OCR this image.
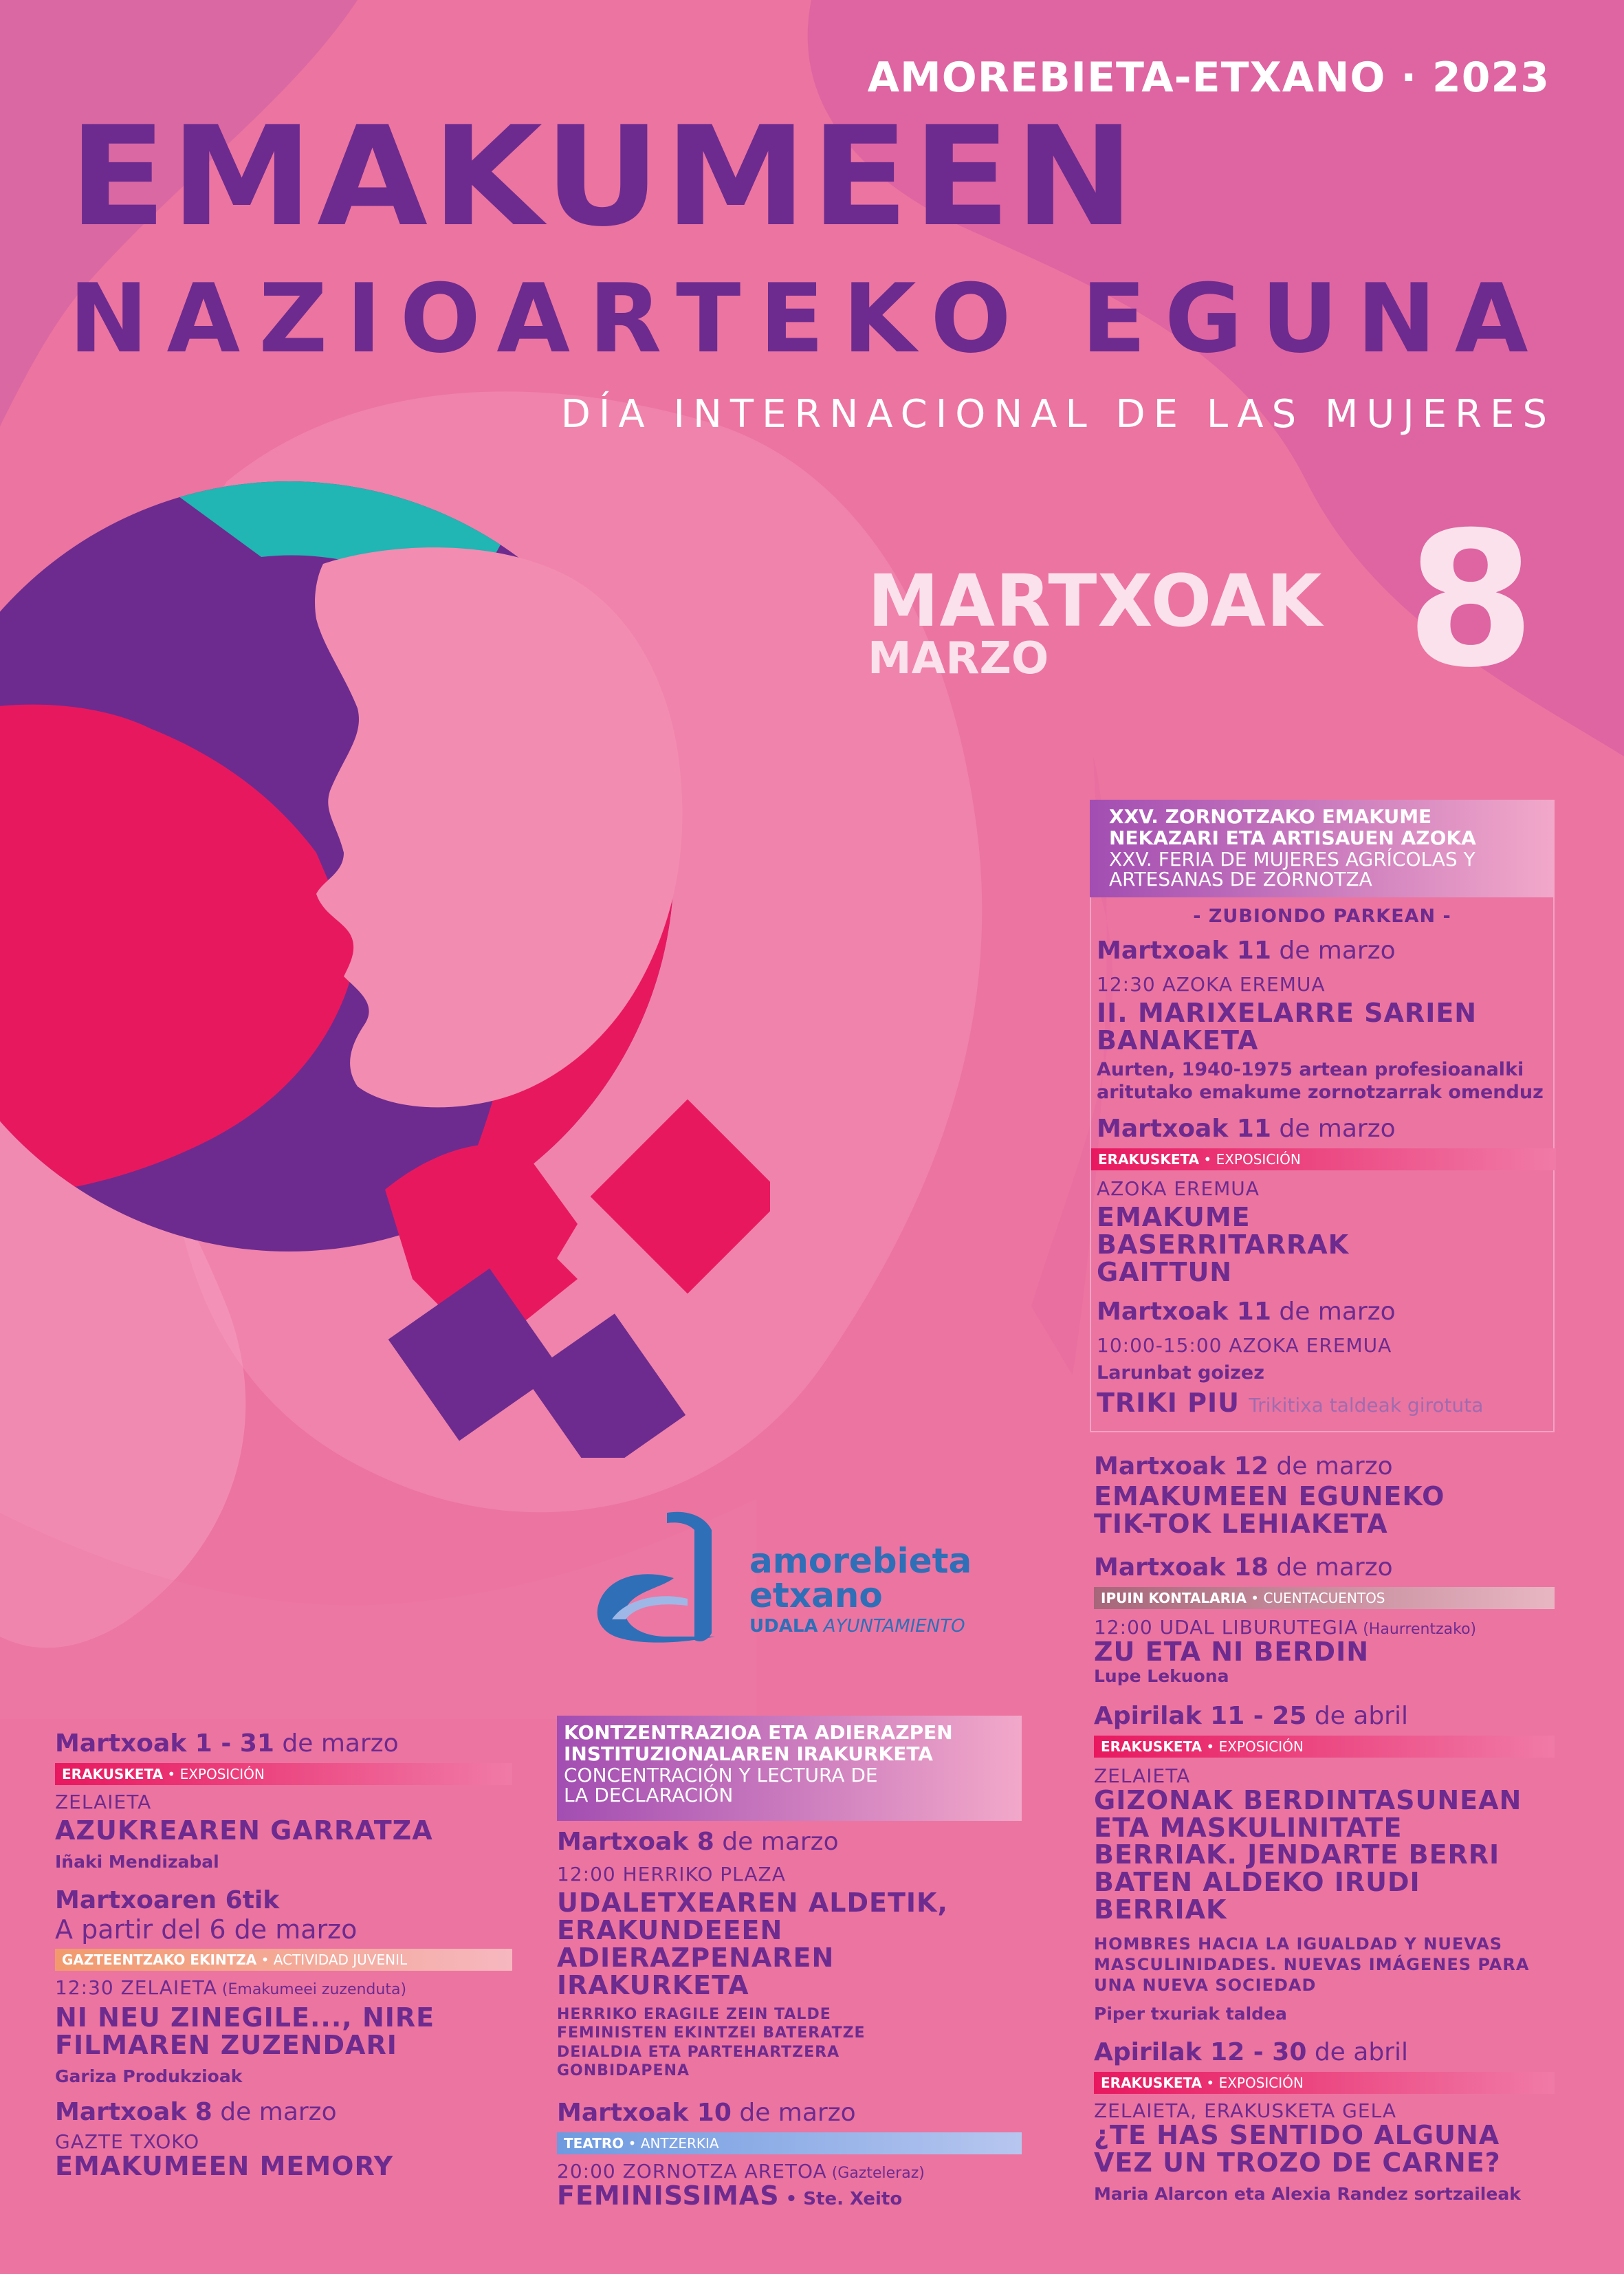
AMOREBIETA-ETXANO · 2023
EMAKUMEEN
NAZIOARTEKO EGUNA
DÍA INTERNACIONAL DE LAS MUJERES
MARTXOAK
MARZO 8
amorebieta
etxano
UDALA AYUNTAMIENTO
XXV. ZORNOTZAKO EMAKUME NEKAZARI ETA ARTISAUEN AZOKA
XXV. FERIA DE MUJERES AGRÍCOLAS Y ARTESANAS DE ZORNOTZA
- ZUBIONDO PARKEAN -
Martxoak 11 de marzo
12:30 AZOKA EREMUA
II. MARIXELARRE SARIEN BANAKETA
Aurten, 1940-1975 artean profesioanalki aritutako emakume zornotzarrak omenduz
Martxoak 11 de marzo
ERAKUSKETA • EXPOSICIÓN
AZOKA EREMUA
EMAKUME BASERRITARRAK GAITTUN
Martxoak 11 de marzo
10:00-15:00 AZOKA EREMUA
Larunbat goizez
TRIKI PIU Trikitixa taldeak girotuta
Martxoak 12 de marzo
EMAKUMEEN EGUNEKO TIK-TOK LEHIAKETA
Martxoak 18 de marzo
IPUIN KONTALARIA • CUENTACUENTOS
12:00 UDAL LIBURUTEGIA (Haurrentzako)
ZU ETA NI BERDIN
Lupe Lekuona
Apirilak 11 - 25 de abril
ERAKUSKETA • EXPOSICIÓN
ZELAIETA
GIZONAK BERDINTASUNEAN ETA MASKULINITATE BERRIAK. JENDARTE BERRI BATEN ALDEKO IRUDI BERRIAK
HOMBRES HACIA LA IGUALDAD Y NUEVAS MASCULINIDADES. NUEVAS IMÁGENES PARA UNA NUEVA SOCIEDAD
Piper txuriak taldea
Apirilak 12 - 30 de abril
ERAKUSKETA • EXPOSICIÓN
ZELAIETA, ERAKUSKETA GELA
¿TE HAS SENTIDO ALGUNA VEZ UN TROZO DE CARNE?
Maria Alarcon eta Alexia Randez sortzaileak
Martxoak 1 - 31 de marzo
ERAKUSKETA • EXPOSICIÓN
ZELAIETA
AZUKREAREN GARRATZA
Iñaki Mendizabal
Martxoaren 6tik
A partir del 6 de marzo
GAZTEENTZAKO EKINTZA • ACTIVIDAD JUVENIL
12:30 ZELAIETA (Emakumeei zuzenduta)
NI NEU ZINEGILE..., NIRE FILMAREN ZUZENDARI
Gariza Produkzioak
Martxoak 8 de marzo
GAZTE TXOKO
EMAKUMEEN MEMORY
KONTZENTRAZIOA ETA ADIERAZPEN INSTITUZIONALAREN IRAKURKETA
CONCENTRACIÓN Y LECTURA DE LA DECLARACIÓN
Martxoak 8 de marzo
12:00 HERRIKO PLAZA
UDALETXEAREN ALDETIK, ERAKUNDEEEN ADIERAZPENAREN IRAKURKETA
HERRIKO ERAGILE ZEIN TALDE FEMINISTEN EKINTZEI BATERATZE DEIALDIA ETA PARTEHARTZERA GONBIDAPENA
Martxoak 10 de marzo
TEATRO • ANTZERKIA
20:00 ZORNOTZA ARETOA (Gazteleraz)
FEMINISSIMAS • Ste. Xeito
